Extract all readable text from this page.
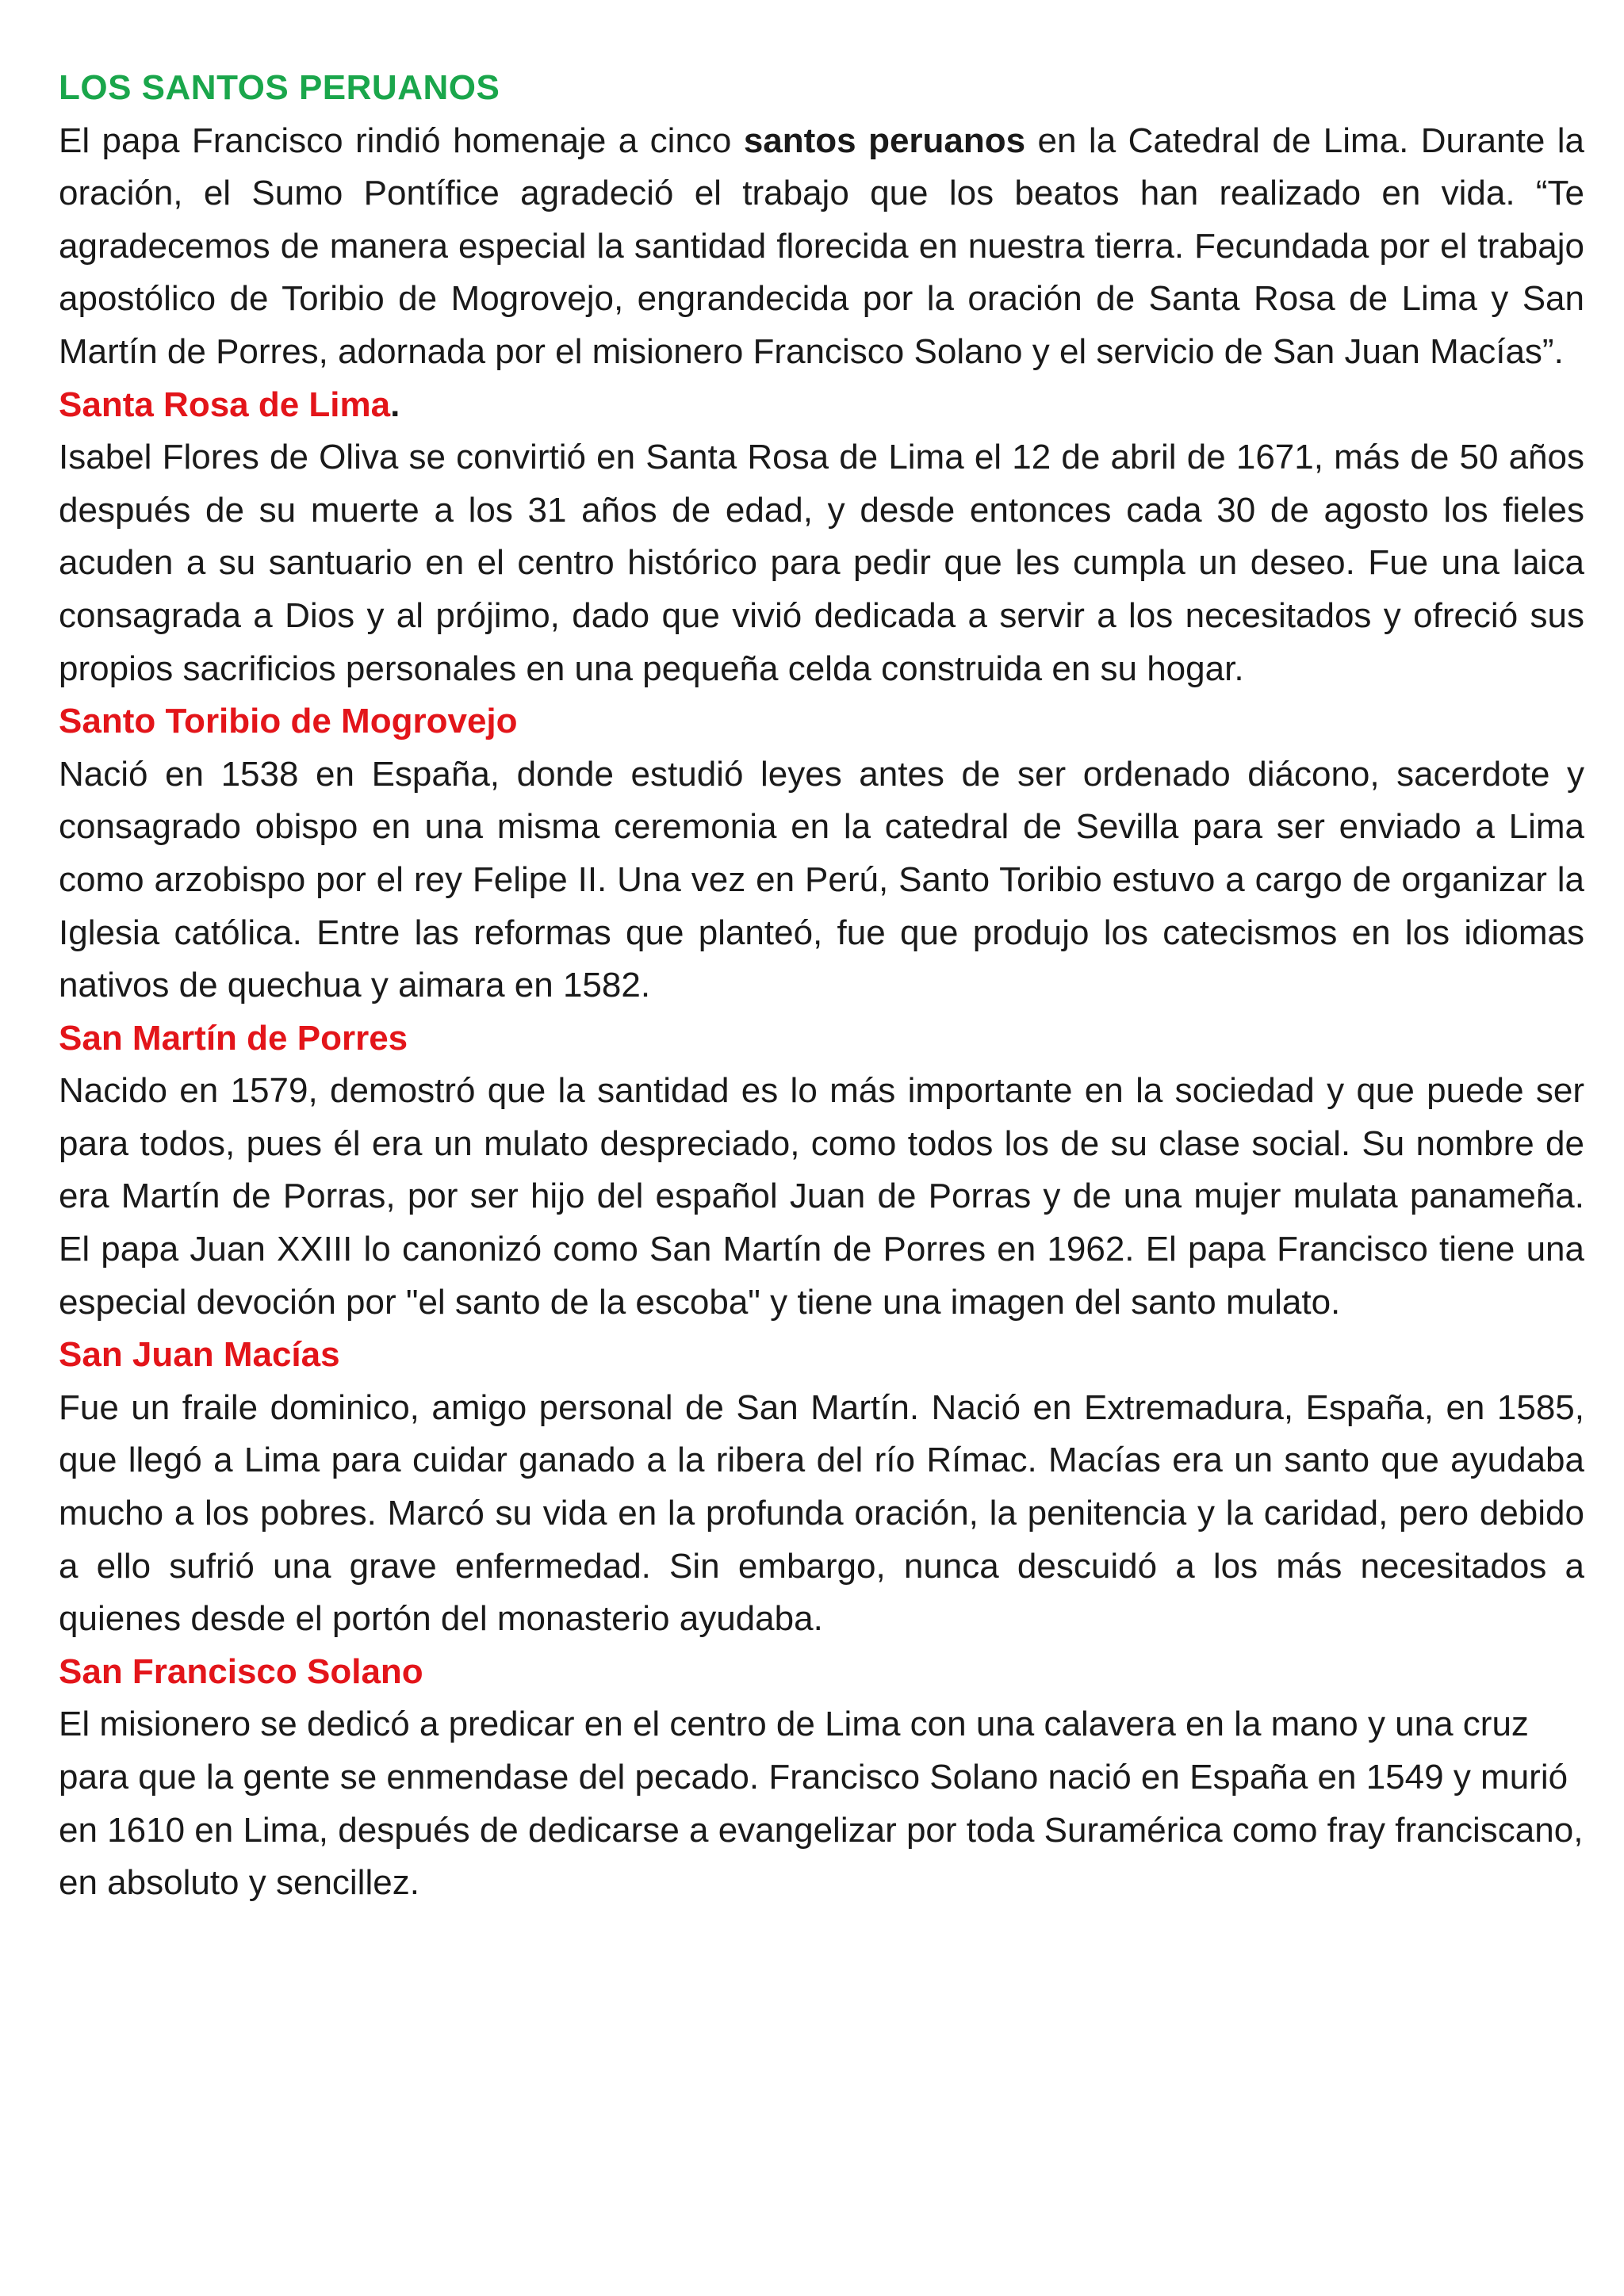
LOS SANTOS PERUANOS

El papa Francisco rindió homenaje a cinco santos peruanos en la Catedral de Lima. Durante la oración, el Sumo Pontífice agradeció el trabajo que los beatos han realizado en vida. “Te agradecemos de manera especial la santidad florecida en nuestra tierra. Fecundada por el trabajo apostólico de Toribio de Mogrovejo, engrandecida por la oración de Santa Rosa de Lima y San Martín de Porres, adornada por el misionero Francisco Solano y el servicio de San Juan Macías”.

Santa Rosa de Lima.

Isabel Flores de Oliva se convirtió en Santa Rosa de Lima el 12 de abril de 1671, más de 50 años después de su muerte a los 31 años de edad, y desde entonces cada 30 de agosto los fieles acuden a su santuario en el centro histórico para pedir que les cumpla un deseo. Fue una laica consagrada a Dios y al prójimo, dado que vivió dedicada a servir a los necesitados y ofreció sus propios sacrificios personales en una pequeña celda construida en su hogar.

Santo Toribio de Mogrovejo

Nació en 1538 en España, donde estudió leyes antes de ser ordenado diácono, sacerdote y consagrado obispo en una misma ceremonia en la catedral de Sevilla para ser enviado a Lima como arzobispo por el rey Felipe II. Una vez en Perú, Santo Toribio estuvo a cargo de organizar la Iglesia católica. Entre las reformas que planteó, fue que produjo los catecismos en los idiomas nativos de quechua y aimara en 1582.

San Martín de Porres

Nacido en 1579, demostró que la santidad es lo más importante en la sociedad y que puede ser para todos, pues él era un mulato despreciado, como todos los de su clase social. Su nombre de era Martín de Porras, por ser hijo del español Juan de Porras y de una mujer mulata panameña. El papa Juan XXIII lo canonizó como San Martín de Porres en 1962. El papa Francisco tiene una especial devoción por "el santo de la escoba" y tiene una imagen del santo mulato.

San Juan Macías

Fue un fraile dominico, amigo personal de San Martín. Nació en Extremadura, España, en 1585, que llegó a Lima para cuidar ganado a la ribera del río Rímac. Macías era un santo que ayudaba mucho a los pobres. Marcó su vida en la profunda oración, la penitencia y la caridad, pero debido a ello sufrió una grave enfermedad. Sin embargo, nunca descuidó a los más necesitados a quienes desde el portón del monasterio ayudaba.

San Francisco Solano

El misionero se dedicó a predicar en el centro de Lima con una calavera en la mano y una cruz para que la gente se enmendase del pecado. Francisco Solano nació en España en 1549 y murió en 1610 en Lima, después de dedicarse a evangelizar por toda Suramérica como fray franciscano, en absoluto y sencillez.
